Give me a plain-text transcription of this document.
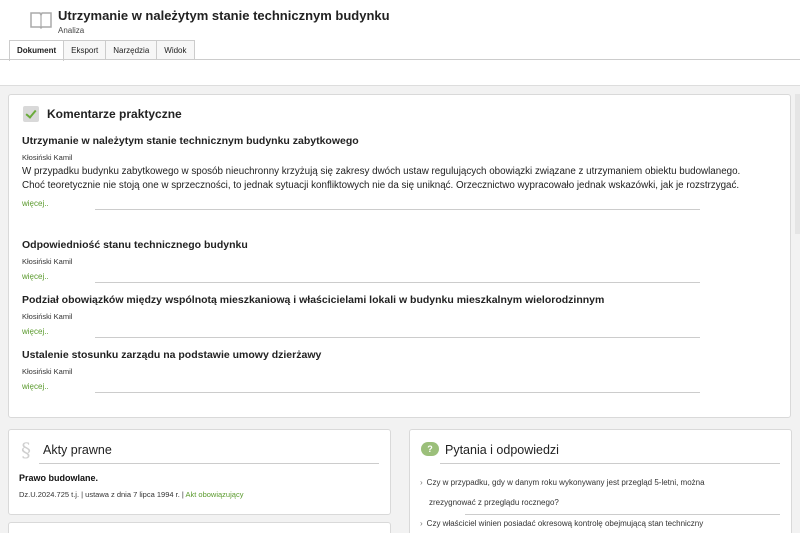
Utrzymanie w należytym stanie technicznym budynku
Analiza
Dokument	Eksport	Narzędzia	Widok
Komentarze praktyczne
Utrzymanie w należytym stanie technicznym budynku zabytkowego
Kłosiński Kamil
W przypadku budynku zabytkowego w sposób nieuchronny krzyżują się zakresy dwóch ustaw regulujących obowiązki związane z utrzymaniem obiektu budowlanego. Choć teoretycznie nie stoją one w sprzeczności, to jednak sytuacji konfliktowych nie da się uniknąć. Orzecznictwo wypracowało jednak wskazówki, jak je rozstrzygać.
więcej..
Odpowiedniość stanu technicznego budynku
Kłosiński Kamil
więcej..
Podział obowiązków między wspólnotą mieszkaniową i właścicielami lokali w budynku mieszkalnym wielorodzinnym
Kłosiński Kamil
więcej..
Ustalenie stosunku zarządu na podstawie umowy dzierżawy
Kłosiński Kamil
więcej..
§ Akty prawne
Prawo budowlane.
Dz.U.2024.725 t.j. | ustawa z dnia 7 lipca 1994 r. | Akt obowiązujący
? Pytania i odpowiedzi
› Czy w przypadku, gdy w danym roku wykonywany jest przegląd 5-letni, można
zrezygnować z przeglądu rocznego?
› Czy właściciel winien posiadać okresową kontrolę obejmującą stan techniczny
